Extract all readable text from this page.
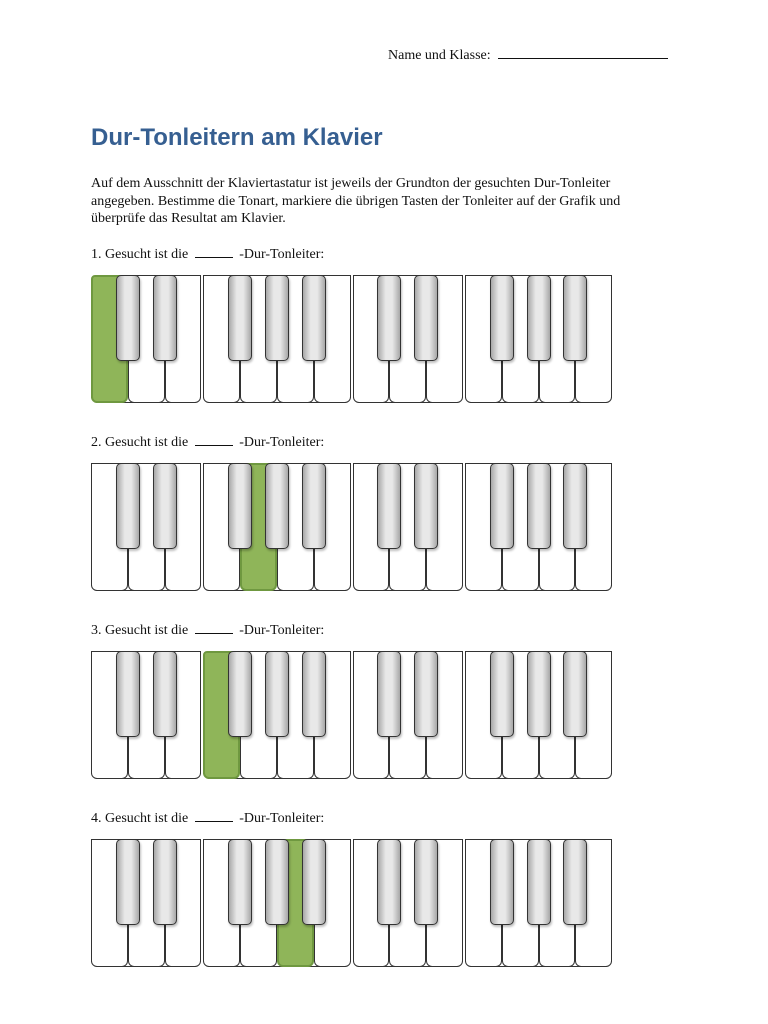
Name und Klasse:
Dur-Tonleitern am Klavier

Auf dem Ausschnitt der Klaviertastatur ist jeweils der Grundton der gesuchten Dur-Tonleiter angegeben. Bestimme die Tonart, markiere die übrigen Tasten der Tonleiter auf der Grafik und überprüfe das Resultat am Klavier.

1. Gesucht ist die	-Dur-Tonleiter:

2. Gesucht ist die	-Dur-Tonleiter:

3. Gesucht ist die	-Dur-Tonleiter:

4. Gesucht ist die	-Dur-Tonleiter:
